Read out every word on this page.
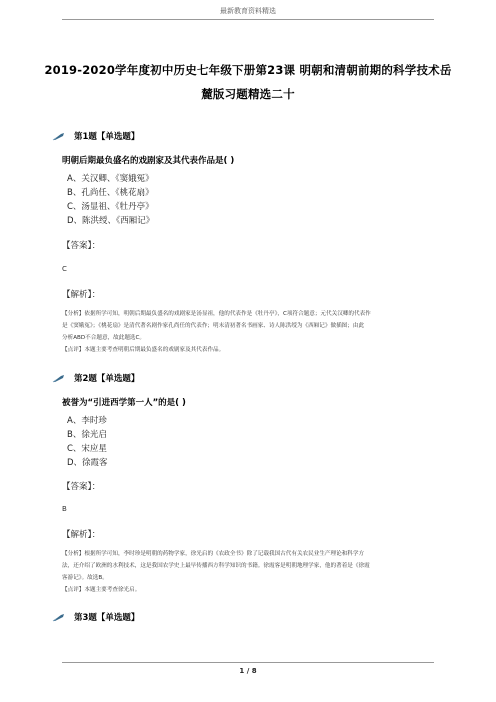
最新教育资料精选
2019-2020学年度初中历史七年级下册第23课 明朝和清朝前期的科学技术岳
麓版习题精选二十
第1题【单选题】
明朝后期最负盛名的戏剧家及其代表作品是( )
A、关汉卿、《窦娥冤》
B、孔尚任、《桃花扇》
C、汤显祖、《牡丹亭》
D、陈洪绶、《西厢记》
【答案】：
C
【解析】：

【分析】依据所学可知，明朝后期最负盛名的戏剧家是汤显祖，他的代表作是《牡丹亭》，C项符合题意；元代关汉卿的代表作

是《窦娥冤》；《桃花扇》是清代著名剧作家孔尚任的代表作；明末清初著名书画家、诗人陈洪绶为《西厢记》做插图；由此

分析ABD不合题意，故此题选C。

【点评】本题主要考查明朝后期最负盛名的戏剧家及其代表作品。

第2题【单选题】
被誉为“引进西学第一人”的是( )
A、李时珍
B、徐光启
C、宋应星
D、徐霞客
【答案】：
B
【解析】：

【分析】根据所学可知，李时珍是明朝的药物学家，徐光启的《农政全书》除了记载我国古代有关农民业生产理论和科学方

法，还介绍了欧洲的水利技术，这是我国农学史上最早传播西方科学知识的书籍。徐霞客是明朝地理学家，他的著着是《徐霞

客游记》。故选B。

【点评】本题主要考查徐光启。

第3题【单选题】
1 / 8
